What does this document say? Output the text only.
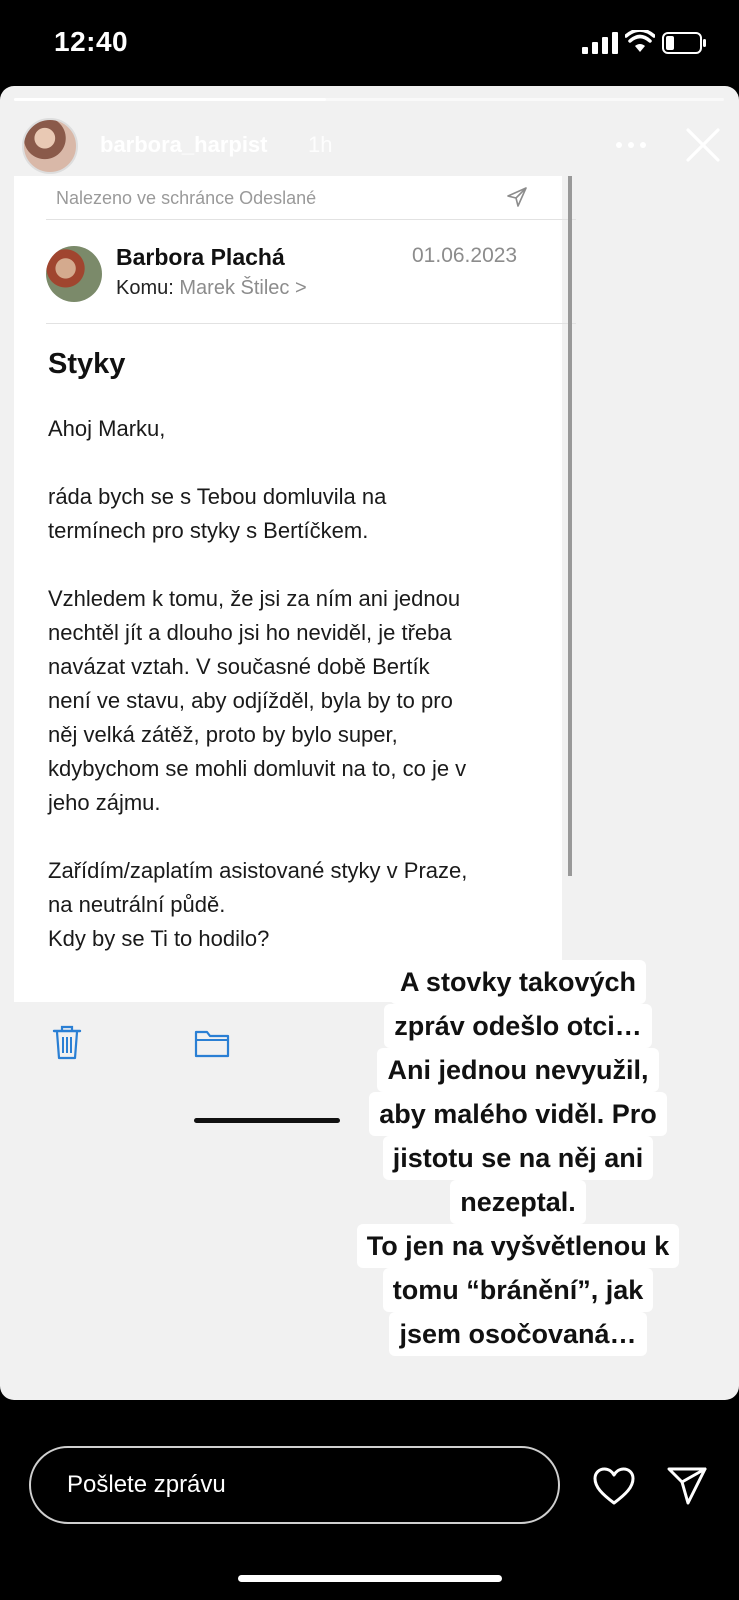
12:40
Nalezeno ve schránce Odeslané
Barbora Plachá	01.06.2023
Komu: Marek Štilec >
Styky

Ahoj Marku,

ráda bych se s Tebou domluvila na
termínech pro styky s Bertíčkem.

Vzhledem k tomu, že jsi za ním ani jednou
nechtěl jít a dlouho jsi ho neviděl, je třeba
navázat vztah. V současné době Bertík
není ve stavu, aby odjížděl, byla by to pro
něj velká zátěž, proto by bylo super,
kdybychom se mohli domluvit na to, co je v
jeho zájmu.

Zařídím/zaplatím asistované styky v Praze,
na neutrální půdě.
Kdy by se Ti to hodilo?

A stovky takových
zpráv odešlo otci…
Ani jednou nevyužil,
aby malého viděl. Pro
jistotu se na něj ani
nezeptal.
To jen na vyšvětlenou k
tomu “bránění”, jak
jsem osočovaná…
barbora_harpist 1h
Pošlete zprávu
